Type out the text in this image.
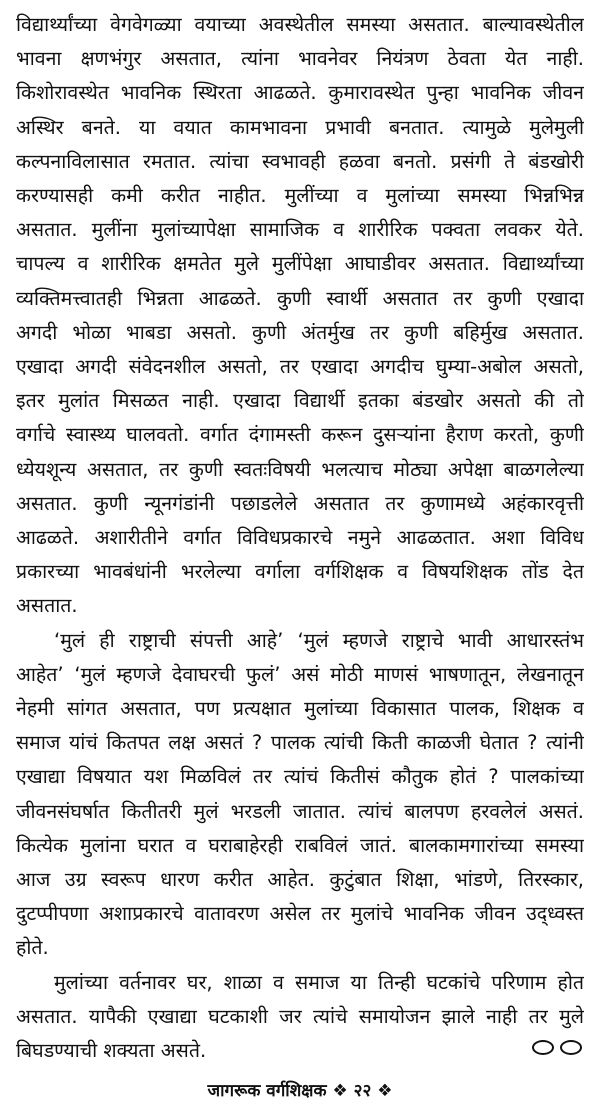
विद्यार्थ्यांच्या वेगवेगळ्या वयाच्या अवस्थेतील समस्या असतात. बाल्यावस्थेतील
भावना क्षणभंगुर असतात, त्यांना भावनेवर नियंत्रण ठेवता येत नाही.
किशोरावस्थेत भावनिक स्थिरता आढळते. कुमारावस्थेत पुन्हा भावनिक जीवन
अस्थिर बनते. या वयात कामभावना प्रभावी बनतात. त्यामुळे मुलेमुली
कल्पनाविलासात रमतात. त्यांचा स्वभावही हळवा बनतो. प्रसंगी ते बंडखोरी
करण्यासही कमी करीत नाहीत. मुलींच्या व मुलांच्या समस्या भिन्नभिन्न
असतात. मुलींना मुलांच्यापेक्षा सामाजिक व शारीरिक पक्वता लवकर येते.
चापल्य व शारीरिक क्षमतेत मुले मुलींपेक्षा आघाडीवर असतात. विद्यार्थ्यांच्या
व्यक्तिमत्त्वातही भिन्नता आढळते. कुणी स्वार्थी असतात तर कुणी एखादा
अगदी भोळा भाबडा असतो. कुणी अंतर्मुख तर कुणी बहिर्मुख असतात.
एखादा अगदी संवेदनशील असतो, तर एखादा अगदीच घुम्या-अबोल असतो,
इतर मुलांत मिसळत नाही. एखादा विद्यार्थी इतका बंडखोर असतो की तो
वर्गाचे स्वास्थ्य घालवतो. वर्गात दंगामस्ती करून दुसऱ्यांना हैराण करतो, कुणी
ध्येयशून्य असतात, तर कुणी स्वतःविषयी भलत्याच मोठ्या अपेक्षा बाळगलेल्या
असतात. कुणी न्यूनगंडांनी पछाडलेले असतात तर कुणामध्ये अहंकारवृत्ती
आढळते. अशारीतीने वर्गात विविधप्रकारचे नमुने आढळतात. अशा विविध
प्रकारच्या भावबंधांनी भरलेल्या वर्गाला वर्गशिक्षक व विषयशिक्षक तोंड देत
असतात.
‘मुलं ही राष्ट्राची संपत्ती आहे’ ‘मुलं म्हणजे राष्ट्राचे भावी आधारस्तंभ
आहेत’ ‘मुलं म्हणजे देवाघरची फुलं’ असं मोठी माणसं भाषणातून, लेखनातून
नेहमी सांगत असतात, पण प्रत्यक्षात मुलांच्या विकासात पालक, शिक्षक व
समाज यांचं कितपत लक्ष असतं ? पालक त्यांची किती काळजी घेतात ? त्यांनी
एखाद्या विषयात यश मिळविलं तर त्यांचं कितीसं कौतुक होतं ? पालकांच्या
जीवनसंघर्षात कितीतरी मुलं भरडली जातात. त्यांचं बालपण हरवलेलं असतं.
कित्येक मुलांना घरात व घराबाहेरही राबविलं जातं. बालकामगारांच्या समस्या
आज उग्र स्वरूप धारण करीत आहेत. कुटुंबात शिक्षा, भांडणे, तिरस्कार,
दुटप्पीपणा अशाप्रकारचे वातावरण असेल तर मुलांचे भावनिक जीवन उद्ध्वस्त
होते.
मुलांच्या वर्तनावर घर, शाळा व समाज या तिन्ही घटकांचे परिणाम होत
असतात. यापैकी एखाद्या घटकाशी जर त्यांचे समायोजन झाले नाही तर मुले
बिघडण्याची शक्यता असते.
जागरूक वर्गशिक्षक ❖ २२ ❖
